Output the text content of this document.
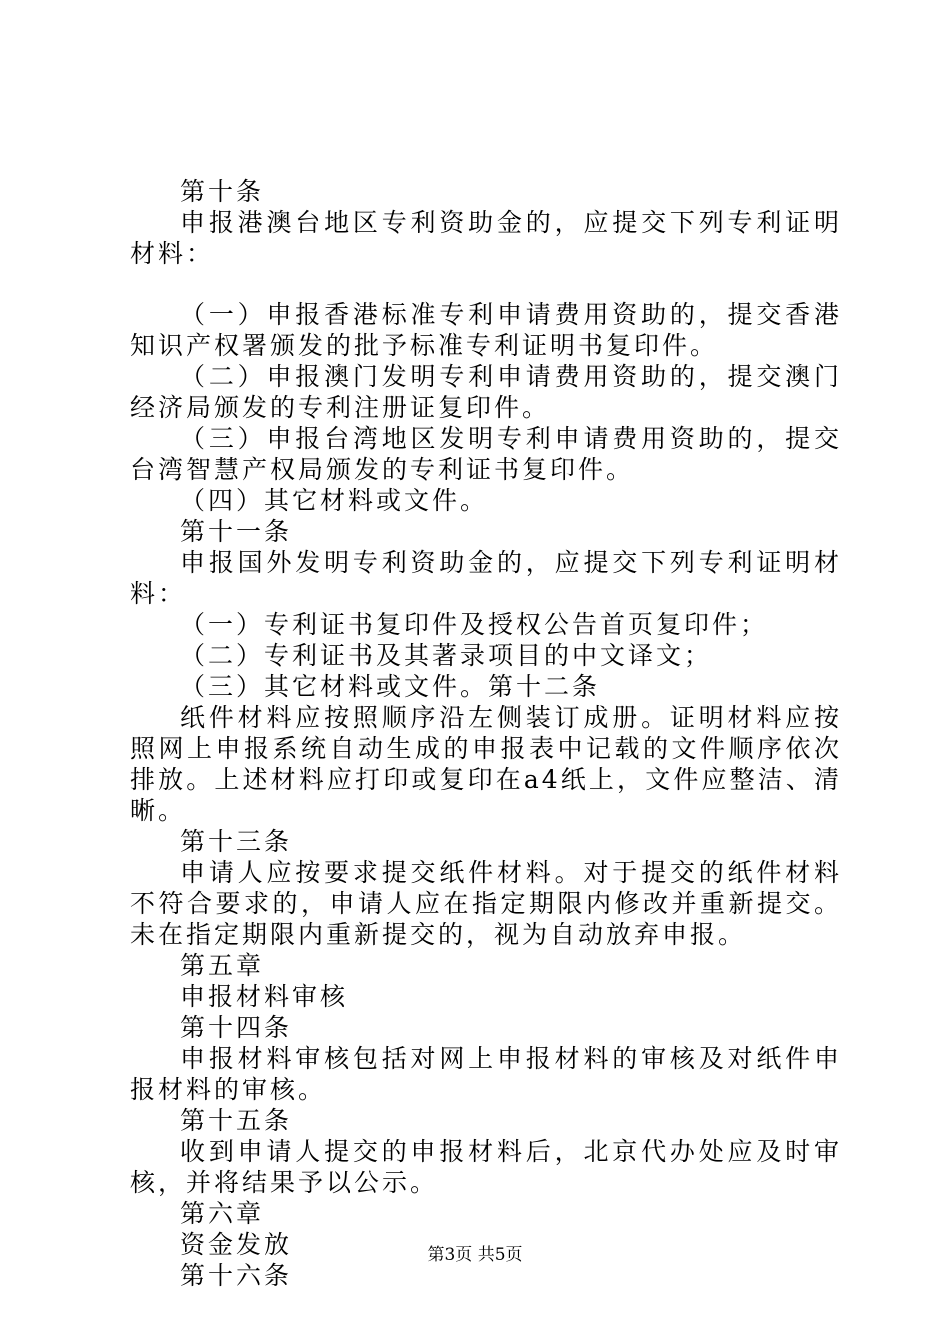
第十条

申报港澳台地区专利资助金的，应提交下列专利证明材料：

（一）申报香港标准专利申请费用资助的，提交香港知识产权署颁发的批予标准专利证明书复印件。

（二）申报澳门发明专利申请费用资助的，提交澳门经济局颁发的专利注册证复印件。

（三）申报台湾地区发明专利申请费用资助的，提交台湾智慧产权局颁发的专利证书复印件。

（四）其它材料或文件。

第十一条

申报国外发明专利资助金的，应提交下列专利证明材料：

（一）专利证书复印件及授权公告首页复印件；

（二）专利证书及其著录项目的中文译文；

（三）其它材料或文件。第十二条

纸件材料应按照顺序沿左侧装订成册。证明材料应按照网上申报系统自动生成的申报表中记载的文件顺序依次排放。上述材料应打印或复印在a4纸上，文件应整洁、清晰。

第十三条

申请人应按要求提交纸件材料。对于提交的纸件材料不符合要求的，申请人应在指定期限内修改并重新提交。未在指定期限内重新提交的，视为自动放弃申报。

第五章

申报材料审核

第十四条

申报材料审核包括对网上申报材料的审核及对纸件申报材料的审核。

第十五条

收到申请人提交的申报材料后，北京代办处应及时审核，并将结果予以公示。

第六章

资金发放

第十六条

第3页 共5页
